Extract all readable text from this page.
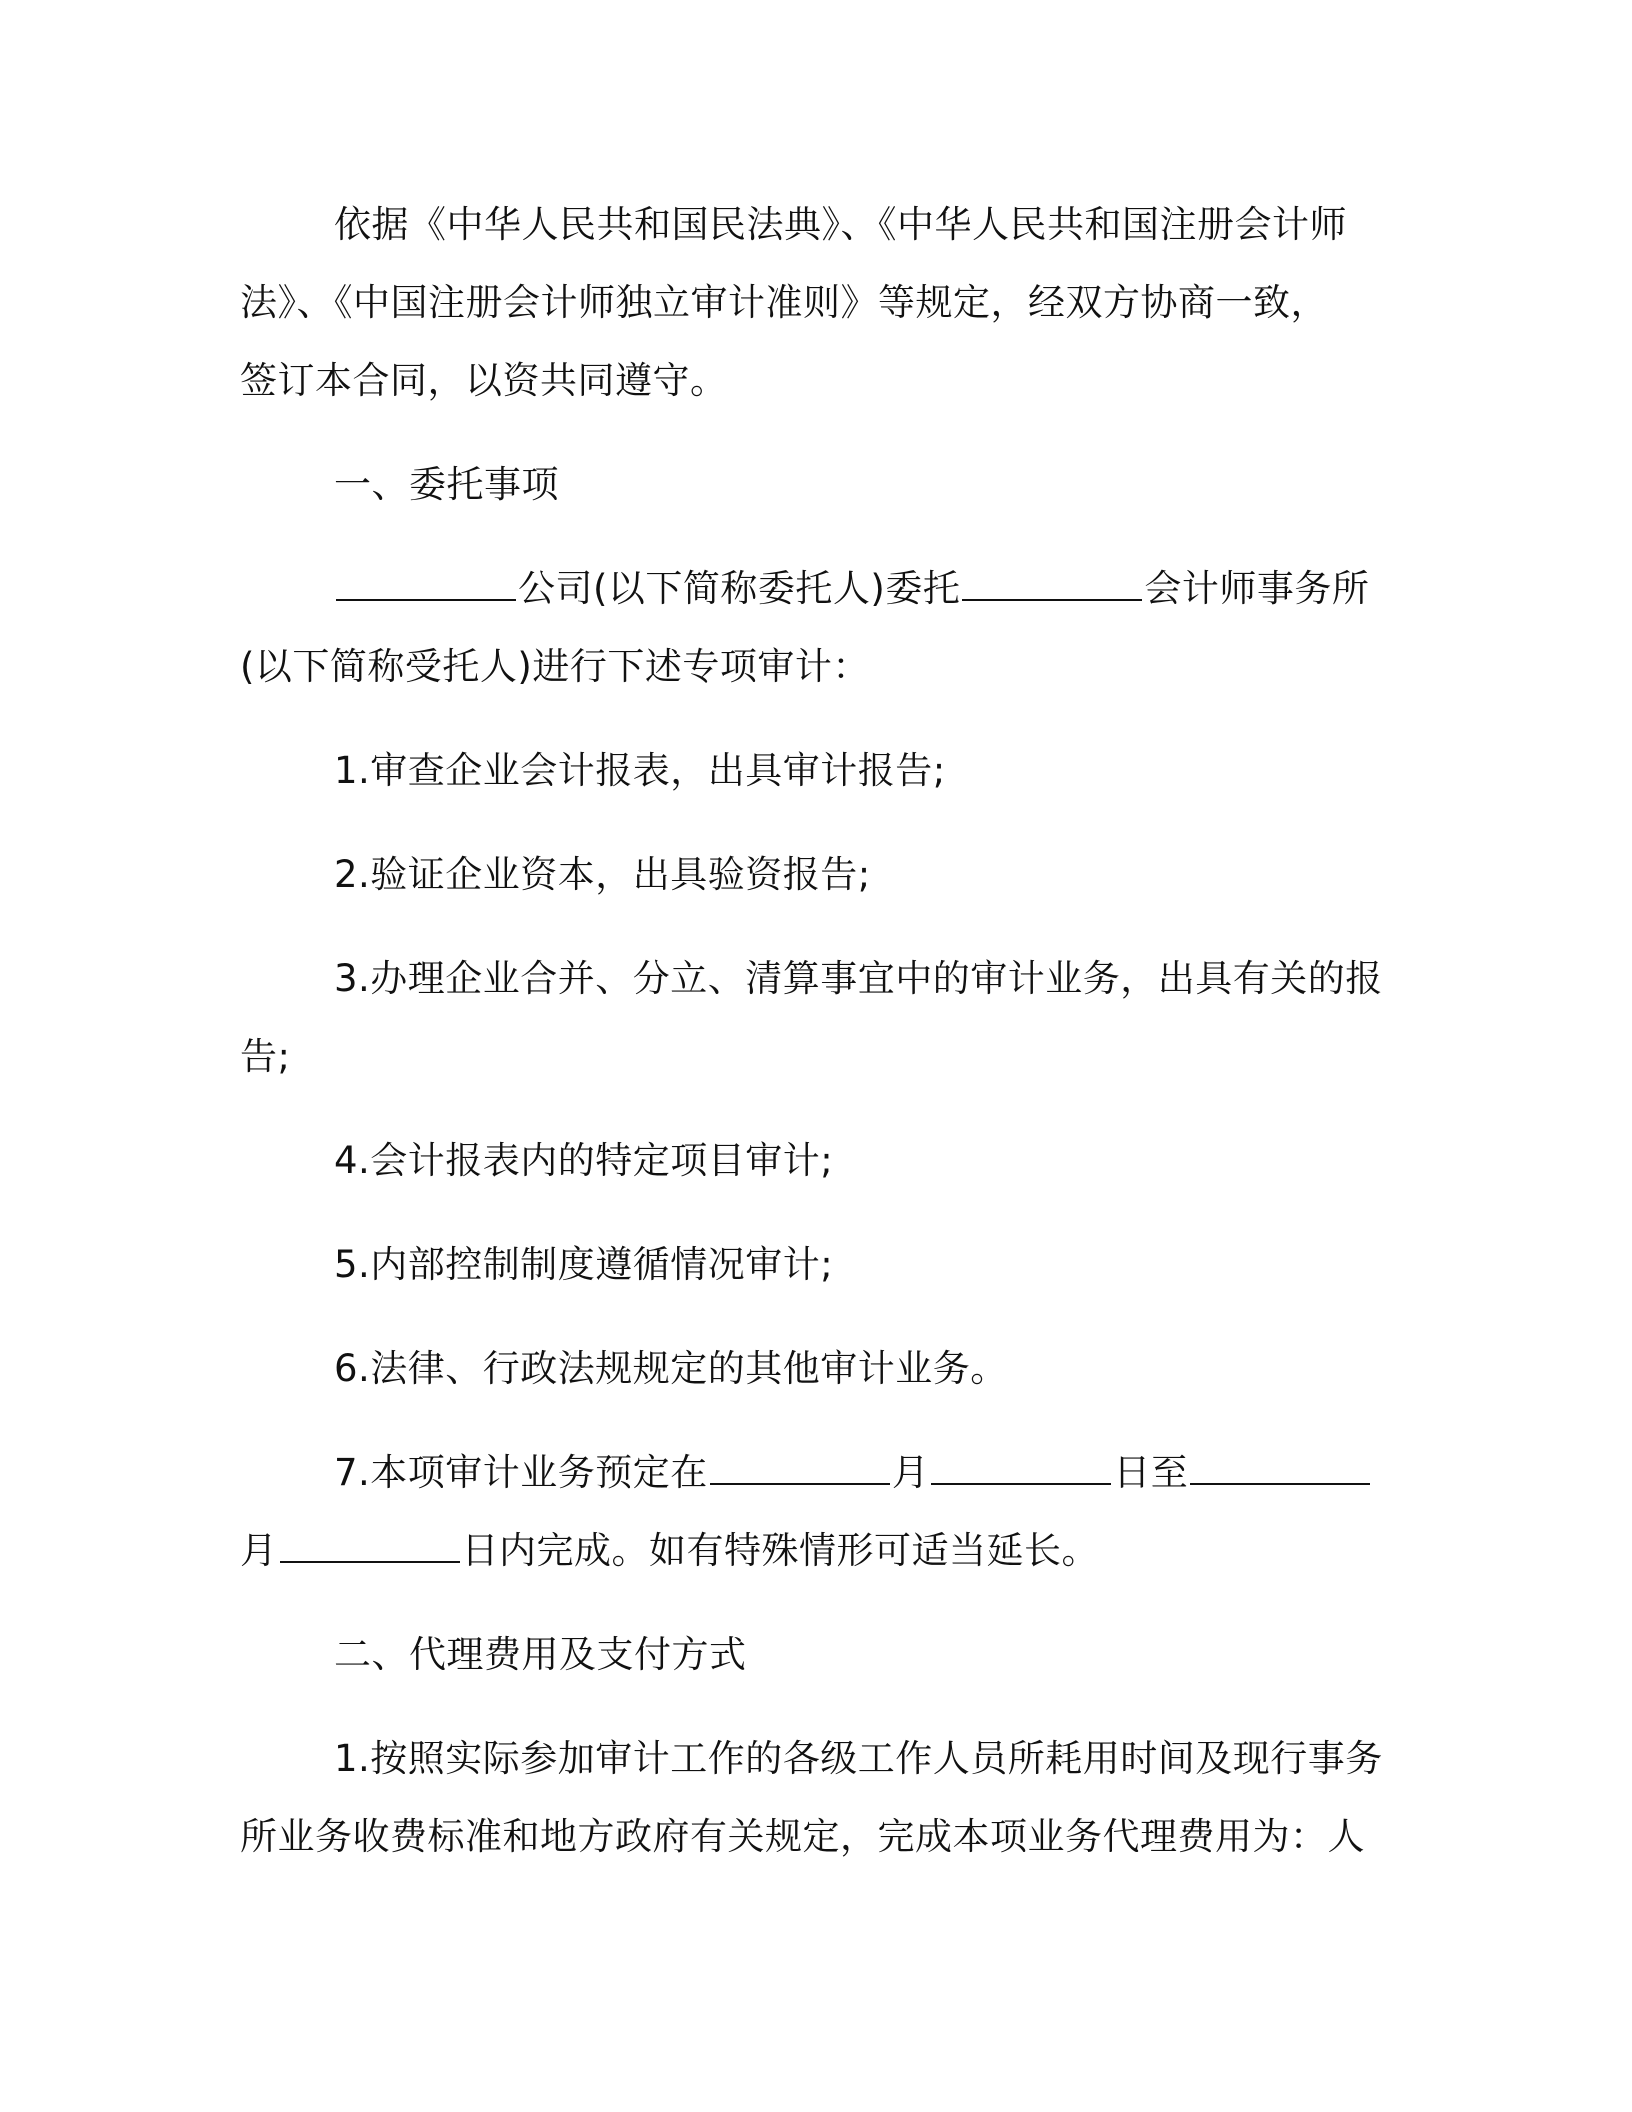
依据《中华人民共和国民法典》、《中华人民共和国注册会计师
法》、《中国注册会计师独立审计准则》等规定，经双方协商一致，
签订本合同，以资共同遵守。
一、委托事项
公司(以下简称委托人)委托	会计师事务所
(以下简称受托人)进行下述专项审计：
1.审查企业会计报表，出具审计报告;
2.验证企业资本，出具验资报告;
3.办理企业合并、分立、清算事宜中的审计业务，出具有关的报
告;
4.会计报表内的特定项目审计;
5.内部控制制度遵循情况审计;
6.法律、行政法规规定的其他审计业务。
7.本项审计业务预定在	月	日至
月	日内完成。如有特殊情形可适当延长。
二、代理费用及支付方式
1.按照实际参加审计工作的各级工作人员所耗用时间及现行事务
所业务收费标准和地方政府有关规定，完成本项业务代理费用为：人
